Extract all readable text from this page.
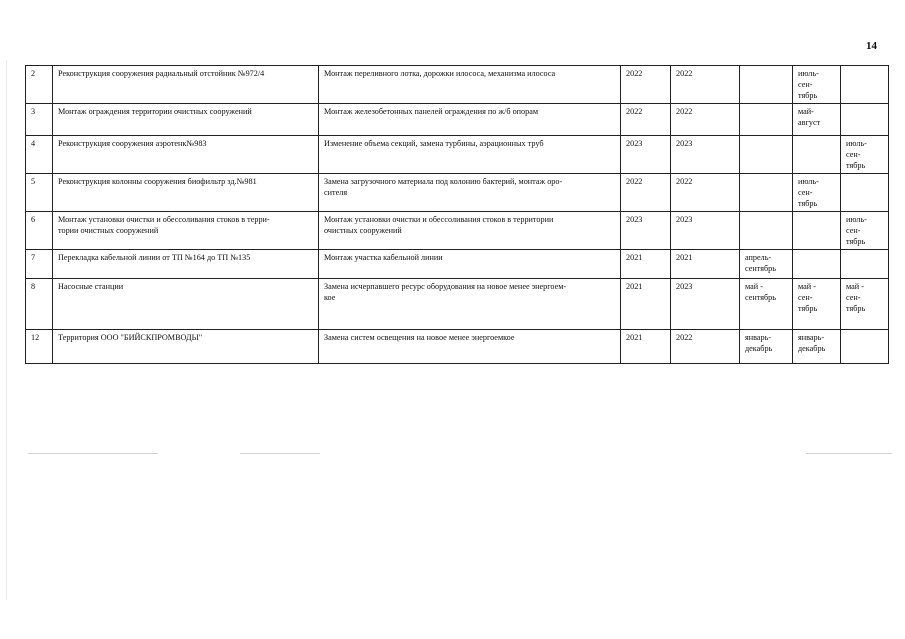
14
2	Реконструкция сооружения радиальный отстойник №972/4	Монтаж переливного лотка, дорожки илососа, механизма илососа	2022	2022		июль-
сен-
тябрь	
3	Монтаж ограждения территории очистных сооружений	Монтаж железобетонных панелей ограждения по ж/б опорам	2022	2022		май-
август	
4	Реконструкция сооружения аэротенк№983	Изменение объема секций, замена турбины, аэрационных труб	2023	2023			июль-
сен-
тябрь
5	Реконструкция колонны сооружения биофильтр зд.№981	Замена загрузочного материала под колонию бактерий, монтаж оро-
сителя	2022	2022		июль-
сен-
тябрь	
6	Монтаж установки очистки и обессоливания стоков в терри-
тории очистных сооружений	Монтаж установки очистки и обессоливания стоков в территории
очистных сооружений	2023	2023			июль-
сен-
тябрь
7	Перекладка кабельной линии от ТП №164 до ТП №135	Монтаж участка кабельной линии	2021	2021	апрель-
сентябрь		
8	Насосные станции	Замена исчерпавшего ресурс оборудования на новое менее энергоем-
кое	2021	2023	май -
сентябрь	май -
сен-
тябрь	май -
сен-
тябрь
12	Территория ООО "БИЙСКПРОМВОДЫ"	Замена систем освещения на новое менее энергоемкое	2021	2022	январь-
декабрь	январь-
декабрь	
